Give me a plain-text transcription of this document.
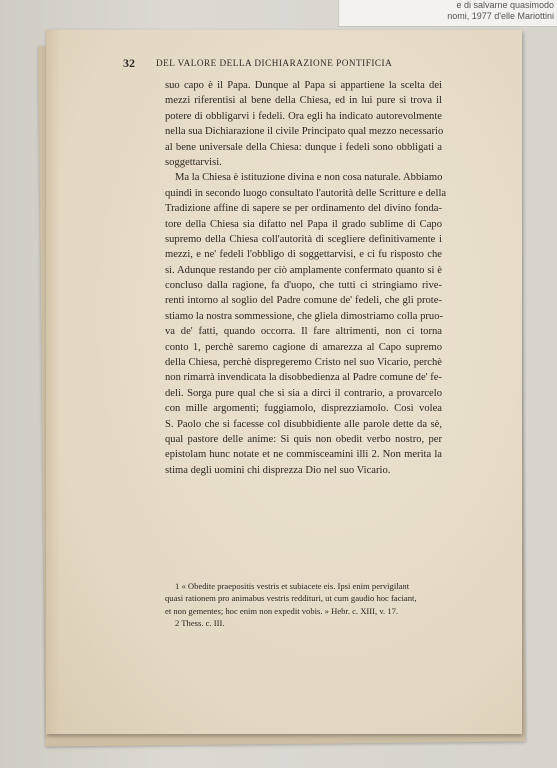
e di salvarne quasimodo
nomi, 1977 d'elle Mariottini
32 DEL VALORE DELLA DICHIARAZIONE PONTIFICIA
suo capo è il Papa. Dunque al Papa si appartiene la scelta dei
mezzi riferentisi al bene della Chiesa, ed in lui pure si trova il
potere di obbligarvi i fedeli. Ora egli ha indicato autorevolmente
nella sua Dichiarazione il civile Principato qual mezzo necessario
al bene universale della Chiesa: dunque i fedeli sono obbligati a
soggettarvisi.
Ma la Chiesa è istituzione divina e non cosa naturale. Abbiamo
quindi in secondo luogo consultato l'autorità delle Scritture e della
Tradizione affine di sapere se per ordinamento del divino fonda-
tore della Chiesa sia difatto nel Papa il grado sublime di Capo
supremo della Chiesa coll'autorità di scegliere definitivamente i
mezzi, e ne' fedeli l'obbligo di soggettarvisi, e ci fu risposto che
sì. Adunque restando per ciò amplamente confermato quanto si è
concluso dalla ragione, fa d'uopo, che tutti ci stringiamo rive-
renti intorno al soglio del Padre comune de' fedeli, che gli prote-
stiamo la nostra sommessione, che gliela dimostriamo colla pruo-
va de' fatti, quando occorra. Il fare altrimenti, non ci torna
conto 1, perchè saremo cagione di amarezza al Capo supremo
della Chiesa, perchè dispregeremo Cristo nel suo Vicario, perchè
non rimarrà invendicata la disobbedienza al Padre comune de' fe-
deli. Sorga pure qual che si sia a dirci il contrario, a provarcelo
con mille argomenti; fuggiamolo, disprezziamolo. Così volea
S. Paolo che si facesse col disubbidiente alle parole dette da sè,
qual pastore delle anime: Si quis non obedit verbo nostro, per
epistolam hunc notate et ne commisceamini illi 2. Non merita la
stima degli uomini chi disprezza Dio nel suo Vicario.
1 « Obedite praepositis vestris et subiacete eis. Ipsi enim pervigilant
quasi rationem pro animabus vestris reddituri, ut cum gaudio hoc faciant,
et non gementes; hoc enim non expedit vobis. » Hebr. c. XIII, v. 17.
2 Thess. c. III.
